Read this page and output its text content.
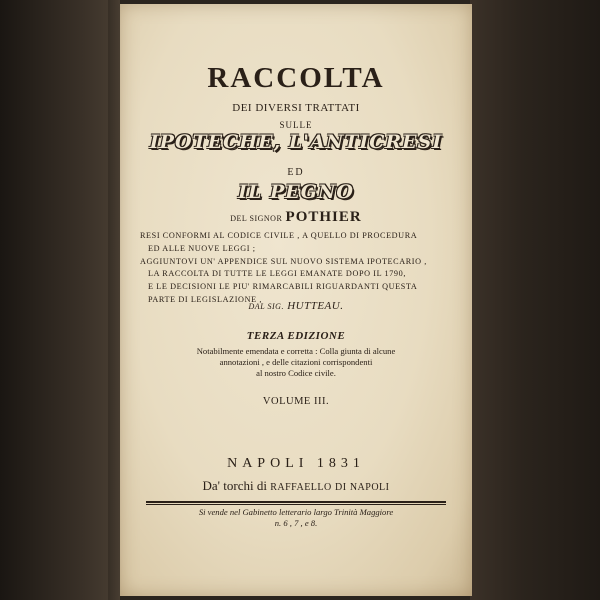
RACCOLTA
DEI DIVERSI TRATTATI
SULLE
IPOTECHE, L'ANTICRESI
ED
IL PEGNO
DEL SIGNOR POTHIER
RESI CONFORMI AL CODICE CIVILE , A QUELLO DI PROCEDURA
ED ALLE NUOVE LEGGI ;
AGGIUNTOVI UN' APPENDICE SUL NUOVO SISTEMA IPOTECARIO ,
LA RACCOLTA DI TUTTE LE LEGGI EMANATE DOPO IL 1790,
E LE DECISIONI LE PIU' RIMARCABILI RIGUARDANTI QUESTA
PARTE DI LEGISLAZIONE ,
DAL SIG. HUTTEAU.
TERZA EDIZIONE
Notabilmente emendata e corretta : Colla giunta di alcune
annotazioni , e delle citazioni corrispondenti
al nostro Codice civile.
VOLUME III.
NAPOLI 1831
Da' torchi di RAFFAELLO DI NAPOLI
Si vende nel Gabinetto letterario largo Trinità Maggiore
n. 6 , 7 , e 8.
